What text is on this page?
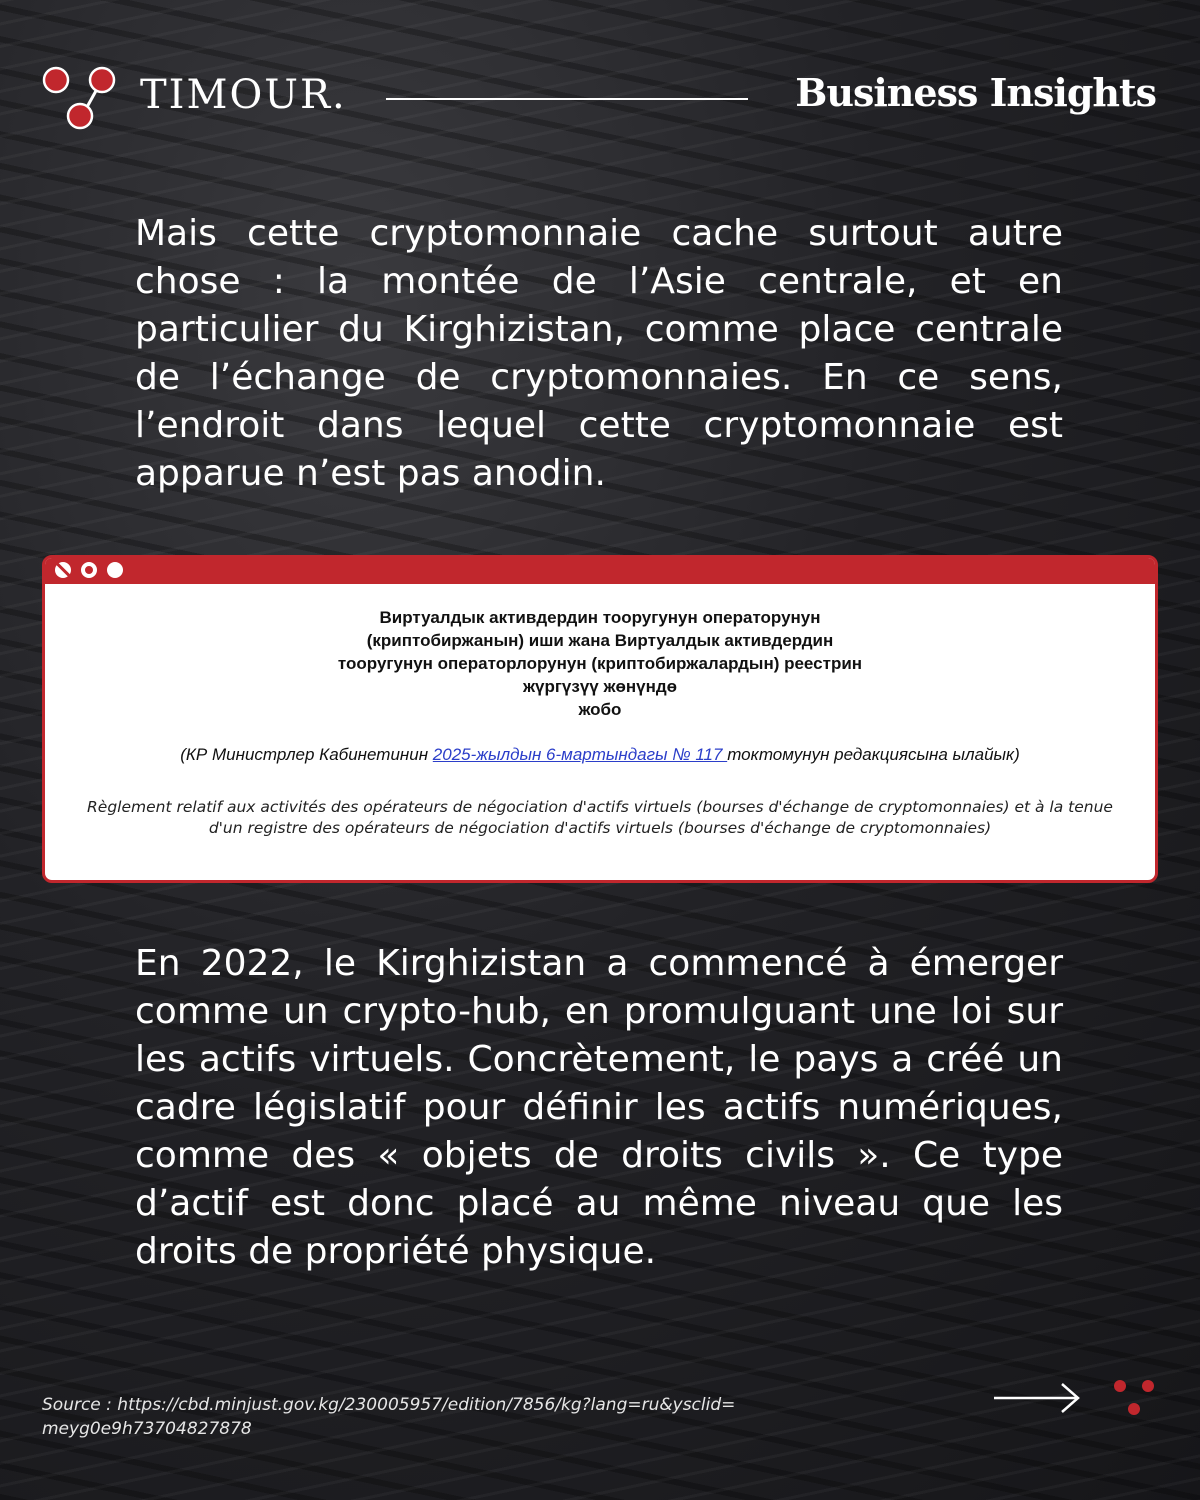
TIMOUR.	Business Insights

Mais cette cryptomonnaie cache surtout autre chose : la montée de l’Asie centrale, et en particulier du Kirghizistan, comme place centrale de l’échange de cryptomonnaies. En ce sens, l’endroit dans lequel cette cryptomonnaie est apparue n’est pas anodin.

Виртуалдык активдердин тооругунун операторунун
(криптобиржанын) иши жана Виртуалдык активдердин
тооругунун операторлорунун (криптобиржалардын) реестрин
жүргүзүү жөнүндө
жобо
(КР Министрлер Кабинетинин 2025-жылдын 6-мартындагы № 117 токтомунун редакциясына ылайык)
Règlement relatif aux activités des opérateurs de négociation d'actifs virtuels (bourses d'échange de cryptomonnaies) et à la tenue d'un registre des opérateurs de négociation d'actifs virtuels (bourses d'échange de cryptomonnaies)

En 2022, le Kirghizistan a commencé à émerger comme un crypto-hub, en promulguant une loi sur les actifs virtuels. Concrètement, le pays a créé un cadre législatif pour définir les actifs numériques, comme des « objets de droits civils ». Ce type d’actif est donc placé au même niveau que les droits de propriété physique.

Source : https://cbd.minjust.gov.kg/230005957/edition/7856/kg?lang=ru&ysclid=meyg0e9h73704827878
